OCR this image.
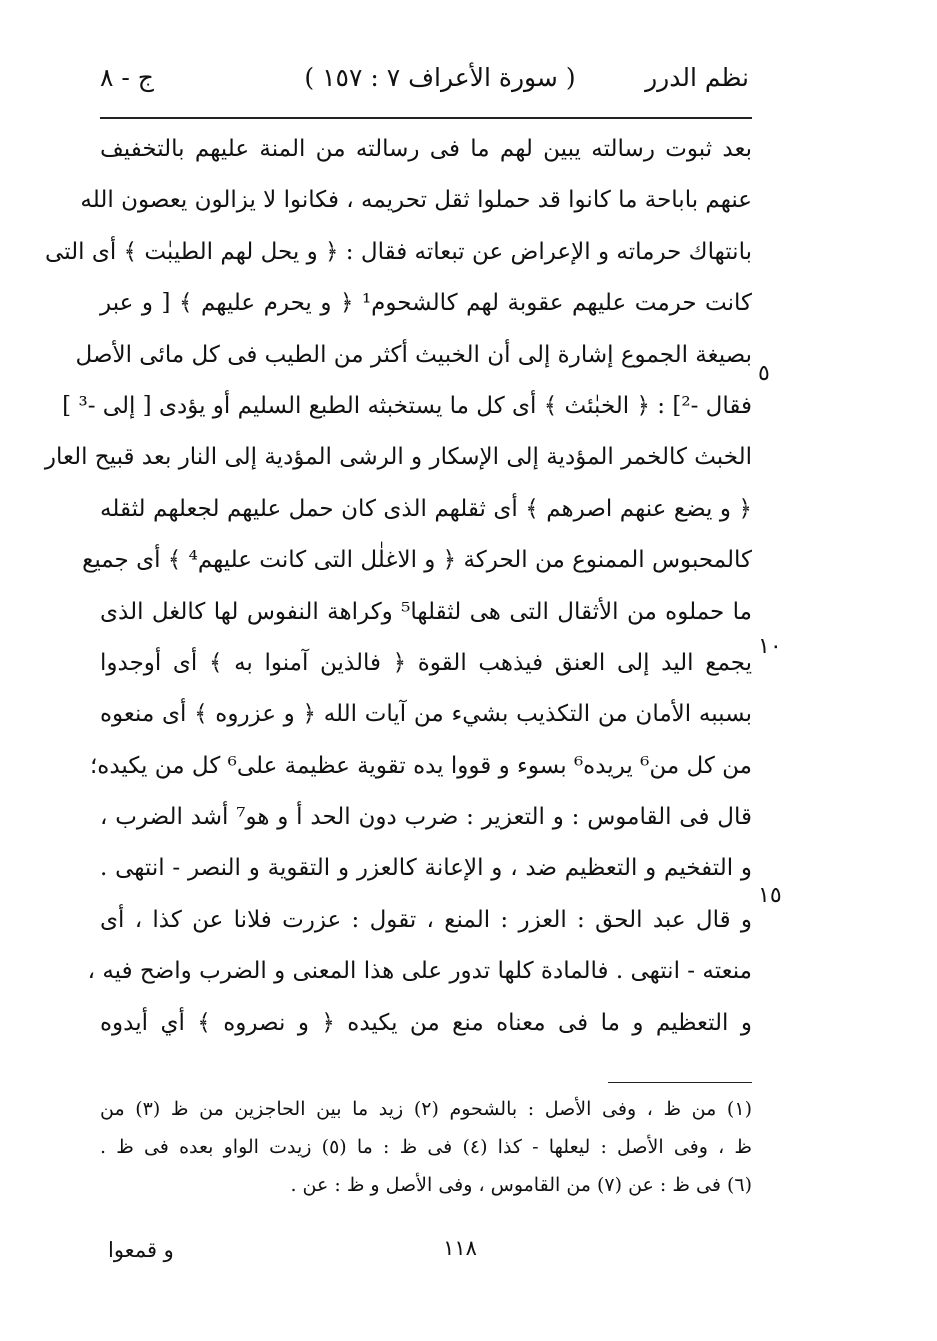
نظم الدرر
( سورة الأعراف ٧ : ١٥٧ )
ج - ٨
بعد ثبوت رسالته يبين لهم ما فى رسالته من المنة عليهم بالتخفيف
عنهم باباحة ما كانوا قد حملوا ثقل تحريمه ، فكانوا لا يزالون يعصون الله
بانتهاك حرماته و الإعراض عن تبعاته فقال : ﴿ و يحل لهم الطيبٰت ﴾ أى التى
كانت حرمت عليهم عقوبة لهم كالشحوم¹ ﴿ و يحرم عليهم ﴾ [ و عبر
بصيغة الجموع إشارة إلى أن الخبيث أكثر من الطيب فى كل مائى الأصل
فقال -²] : ﴿ الخبٰئث ﴾ أى كل ما يستخبثه الطبع السليم أو يؤدى [ إلى -³ ]
الخبث كالخمر المؤدية إلى الإسكار و الرشى المؤدية إلى النار بعد قبيح العار
﴿ و يضع عنهم اصرهم ﴾ أى ثقلهم الذى كان حمل عليهم لجعلهم لثقله
كالمحبوس الممنوع من الحركة ﴿ و الاغلٰل التى كانت عليهم⁴ ﴾ أى جميع
ما حملوه من الأثقال التى هى لثقلها⁵ وكراهة النفوس لها كالغل الذى
يجمع اليد إلى العنق فيذهب القوة ﴿ فالذين آمنوا به ﴾ أى أوجدوا
بسببه الأمان من التكذيب بشيء من آيات الله ﴿ و عزروه ﴾ أى منعوه
من كل من⁶ يريده⁶ بسوء و قووا يده تقوية عظيمة على⁶ كل من يكيده؛
قال فى القاموس : و التعزير : ضرب دون الحد أ و هو⁷ أشد الضرب ،
و التفخيم و التعظيم ضد ، و الإعانة كالعزر و التقوية و النصر - انتهى .
و قال عبد الحق : العزر : المنع ، تقول : عزرت فلانا عن كذا ، أى
منعته - انتهى . فالمادة كلها تدور على هذا المعنى و الضرب واضح فيه ،
و التعظيم و ما فى معناه منع من يكيده ﴿ و نصروه ﴾ أي أيدوه
٥
١٠
١٥
(١) من ظ ، وفى الأصل : بالشحوم (٢) زيد ما بين الحاجزين من ظ (٣) من
ظ ، وفى الأصل : ليعلها - كذا (٤) فى ظ : ما (٥) زيدت الواو بعده فى ظ .
(٦) فى ظ : عن (٧) من القاموس ، وفى الأصل و ظ : عن .
١١٨
و قمعوا
